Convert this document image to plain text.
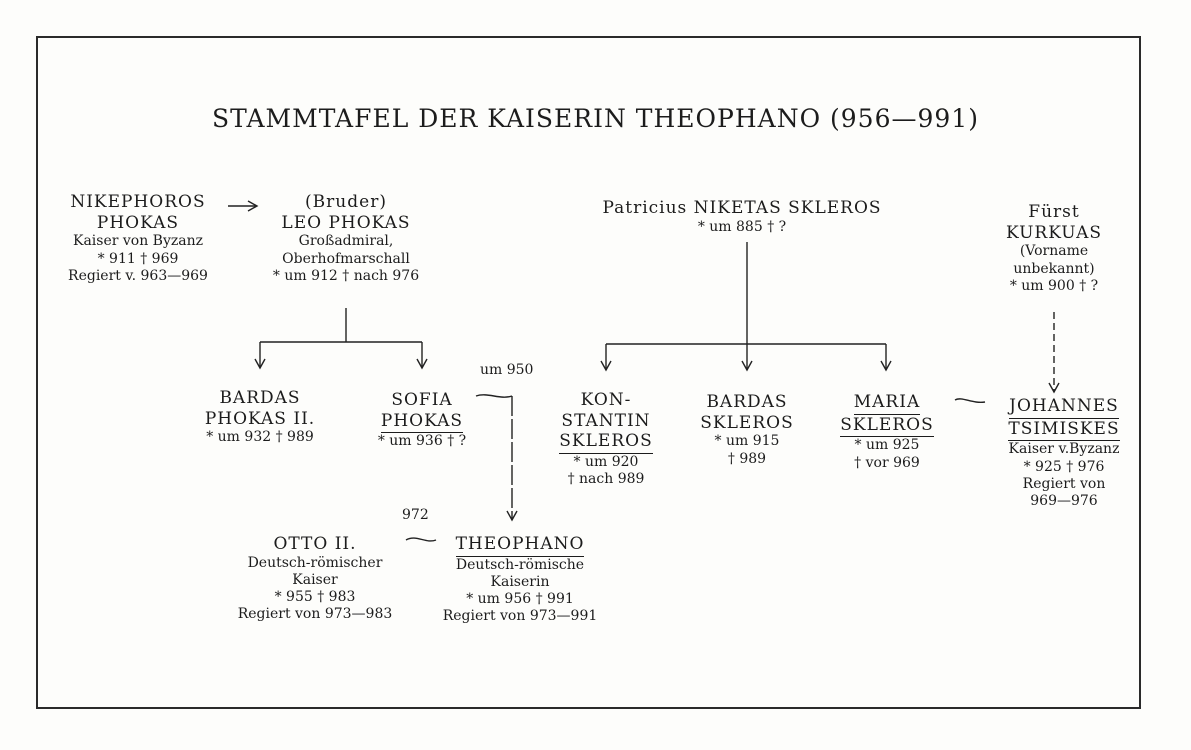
STAMMTAFEL DER KAISERIN THEOPHANO (956—991)
NIKEPHOROS
PHOKAS
Kaiser von Byzanz
* 911 † 969
Regiert v. 963—969
(Bruder)
LEO PHOKAS
Großadmiral,
Oberhofmarschall
* um 912 † nach 976
Patricius NIKETAS SKLEROS
* um 885 † ?
Fürst
KURKUAS
(Vorname
unbekannt)
* um 900 † ?
BARDAS
PHOKAS II.
* um 932 † 989
SOFIA
PHOKAS
* um 936 † ?
um 950
KON-
STANTIN
SKLEROS
* um 920
† nach 989
BARDAS
SKLEROS
* um 915
† 989
MARIA
SKLEROS
* um 925
† vor 969
JOHANNES
TSIMISKES
Kaiser v.Byzanz
* 925 † 976
Regiert von
969—976
972
OTTO II.
Deutsch-römischer
Kaiser
* 955 † 983
Regiert von 973—983
THEOPHANO
Deutsch-römische
Kaiserin
* um 956 † 991
Regiert von 973—991
